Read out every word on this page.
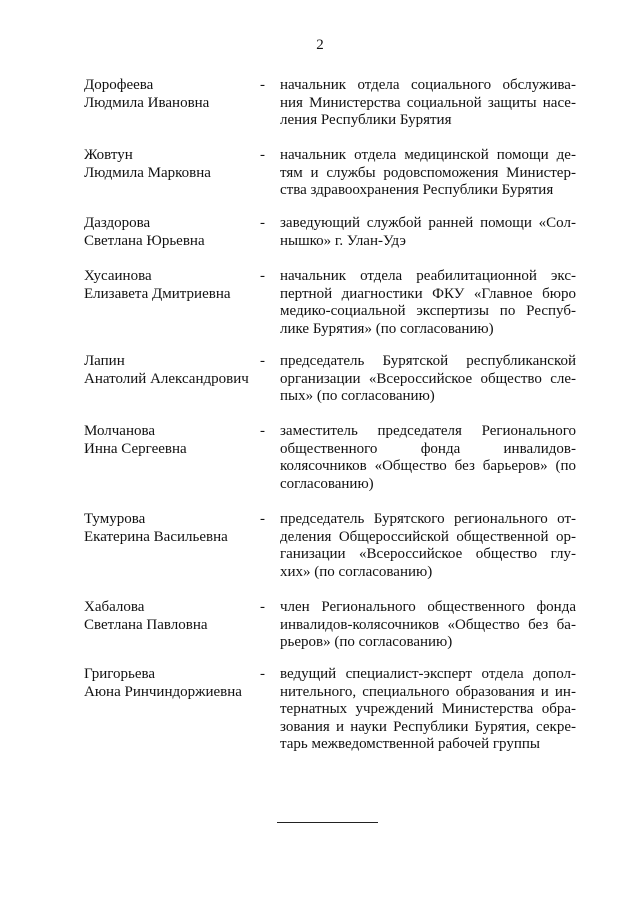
2
Дорофеева
Людмила Ивановна
- начальник отдела социального обслужива-
ния Министерства социальной защиты насе-
ления Республики Бурятия
Жовтун
Людмила Марковна
- начальник отдела медицинской помощи де-
тям и службы родовспоможения Министер-
ства здравоохранения Республики Бурятия
Даздорова
Светлана Юрьевна
- заведующий службой ранней помощи «Сол-
нышко» г. Улан-Удэ
Хусаинова
Елизавета Дмитриевна
- начальник отдела реабилитационной экс-
пертной диагностики ФКУ «Главное бюро
медико-социальной экспертизы по Респуб-
лике Бурятия» (по согласованию)
Лапин
Анатолий Александрович
- председатель Бурятской республиканской
организации «Всероссийское общество сле-
пых» (по согласованию)
Молчанова
Инна Сергеевна
- заместитель председателя Регионального
общественного	фонда	инвалидов-
колясочников «Общество без барьеров» (по
согласованию)
Тумурова
Екатерина Васильевна
- председатель Бурятского регионального от-
деления Общероссийской общественной ор-
ганизации «Всероссийское общество глу-
хих» (по согласованию)
Хабалова
Светлана Павловна
- член Регионального общественного фонда
инвалидов-колясочников «Общество без ба-
рьеров» (по согласованию)
Григорьева
Аюна Ринчиндоржиевна
- ведущий специалист-эксперт отдела допол-
нительного, специального образования и ин-
тернатных учреждений Министерства обра-
зования и науки Республики Бурятия, секре-
тарь межведомственной рабочей группы
